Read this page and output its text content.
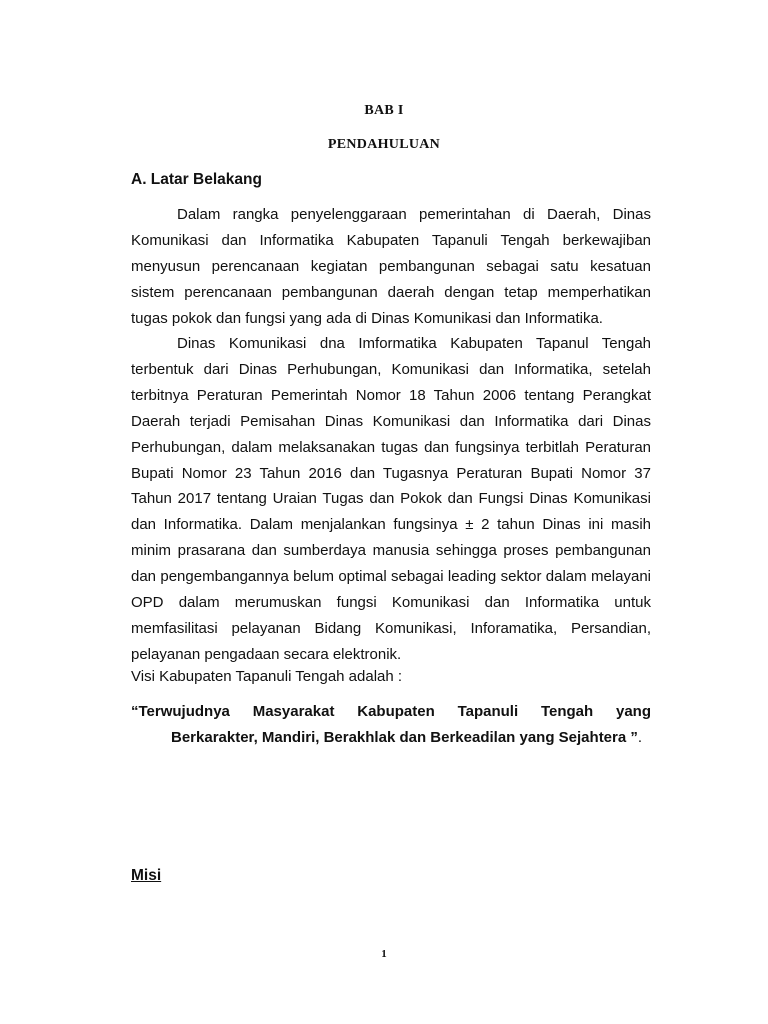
BAB I
PENDAHULUAN
A. Latar Belakang

Dalam rangka penyelenggaraan pemerintahan di Daerah, Dinas Komunikasi dan Informatika Kabupaten Tapanuli Tengah berkewajiban menyusun perencanaan kegiatan pembangunan sebagai satu kesatuan sistem perencanaan pembangunan daerah dengan tetap memperhatikan tugas pokok dan fungsi yang ada di Dinas Komunikasi dan Informatika.

Dinas Komunikasi dna Imformatika Kabupaten Tapanul Tengah terbentuk dari Dinas Perhubungan, Komunikasi dan Informatika, setelah terbitnya Peraturan Pemerintah Nomor 18 Tahun 2006 tentang Perangkat Daerah terjadi Pemisahan Dinas Komunikasi dan Informatika dari Dinas Perhubungan, dalam melaksanakan tugas dan fungsinya terbitlah Peraturan Bupati Nomor 23 Tahun 2016 dan Tugasnya Peraturan Bupati Nomor 37 Tahun 2017 tentang Uraian Tugas dan Pokok dan Fungsi Dinas Komunikasi dan Informatika. Dalam menjalankan fungsinya ± 2 tahun Dinas ini masih minim prasarana dan sumberdaya manusia sehingga proses pembangunan dan pengembangannya belum optimal sebagai leading sektor dalam melayani OPD dalam merumuskan fungsi Komunikasi dan Informatika untuk memfasilitasi pelayanan Bidang Komunikasi, Inforamatika, Persandian, pelayanan pengadaan secara elektronik.

Visi Kabupaten Tapanuli Tengah adalah :

“Terwujudnya Masyarakat Kabupaten Tapanuli Tengah yang
Berkarakter, Mandiri, Berakhlak dan Berkeadilan yang Sejahtera ”.

Misi
1
